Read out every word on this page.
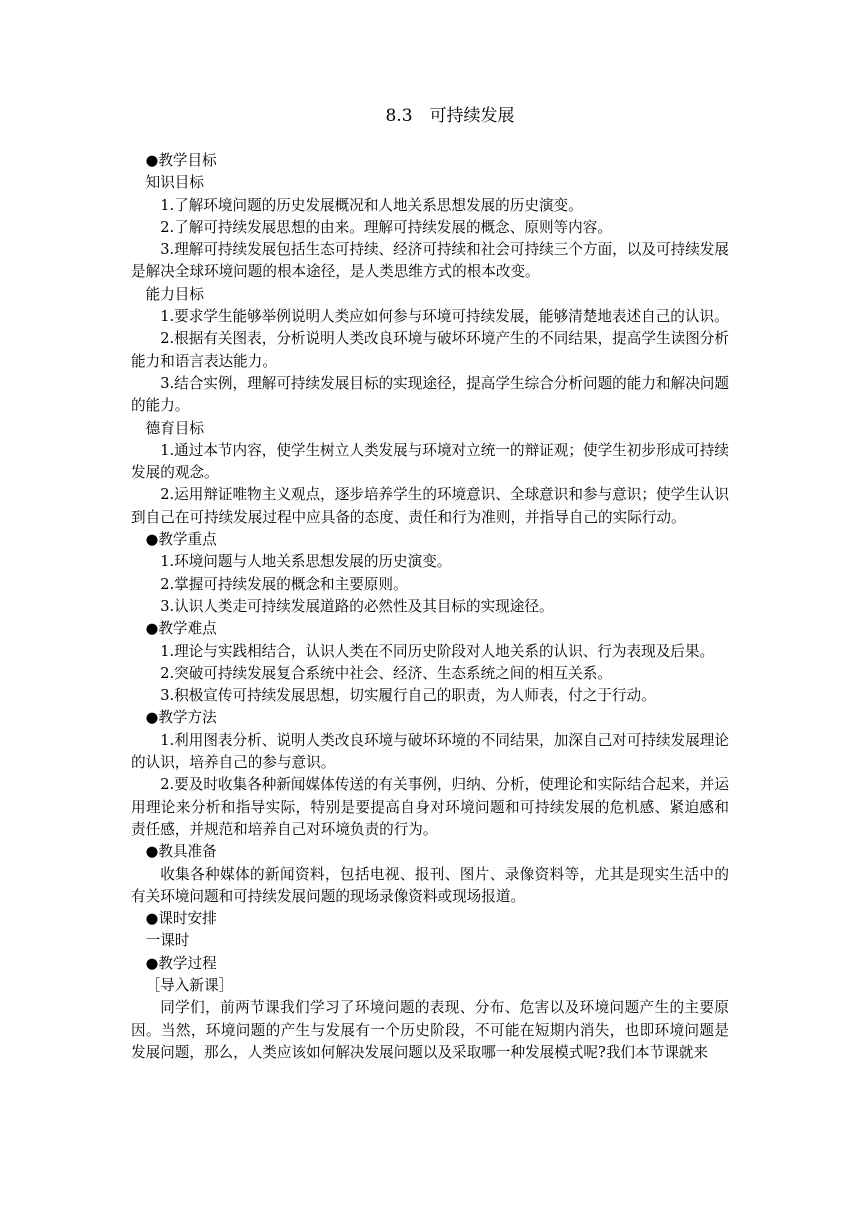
8.3　可持续发展

●教学目标

知识目标

1.了解环境问题的历史发展概况和人地关系思想发展的历史演变。

2.了解可持续发展思想的由来。理解可持续发展的概念、原则等内容。

3.理解可持续发展包括生态可持续、经济可持续和社会可持续三个方面，以及可持续发展是解决全球环境问题的根本途径，是人类思维方式的根本改变。

能力目标

1.要求学生能够举例说明人类应如何参与环境可持续发展，能够清楚地表述自己的认识。

2.根据有关图表，分析说明人类改良环境与破坏环境产生的不同结果，提高学生读图分析能力和语言表达能力。

3.结合实例，理解可持续发展目标的实现途径，提高学生综合分析问题的能力和解决问题的能力。

德育目标

1.通过本节内容，使学生树立人类发展与环境对立统一的辩证观；使学生初步形成可持续发展的观念。

2.运用辩证唯物主义观点，逐步培养学生的环境意识、全球意识和参与意识；使学生认识到自己在可持续发展过程中应具备的态度、责任和行为准则，并指导自己的实际行动。

●教学重点

1.环境问题与人地关系思想发展的历史演变。

2.掌握可持续发展的概念和主要原则。

3.认识人类走可持续发展道路的必然性及其目标的实现途径。

●教学难点

1.理论与实践相结合，认识人类在不同历史阶段对人地关系的认识、行为表现及后果。

2.突破可持续发展复合系统中社会、经济、生态系统之间的相互关系。

3.积极宣传可持续发展思想，切实履行自己的职责，为人师表，付之于行动。

●教学方法

1.利用图表分析、说明人类改良环境与破坏环境的不同结果，加深自己对可持续发展理论的认识，培养自己的参与意识。

2.要及时收集各种新闻媒体传送的有关事例，归纳、分析，使理论和实际结合起来，并运用理论来分析和指导实际，特别是要提高自身对环境问题和可持续发展的危机感、紧迫感和责任感，并规范和培养自己对环境负责的行为。

●教具准备

收集各种媒体的新闻资料，包括电视、报刊、图片、录像资料等，尤其是现实生活中的有关环境问题和可持续发展问题的现场录像资料或现场报道。

●课时安排

一课时

●教学过程

［导入新课］

同学们，前两节课我们学习了环境问题的表现、分布、危害以及环境问题产生的主要原因。当然，环境问题的产生与发展有一个历史阶段，不可能在短期内消失，也即环境问题是发展问题，那么，人类应该如何解决发展问题以及采取哪一种发展模式呢?我们本节课就来
